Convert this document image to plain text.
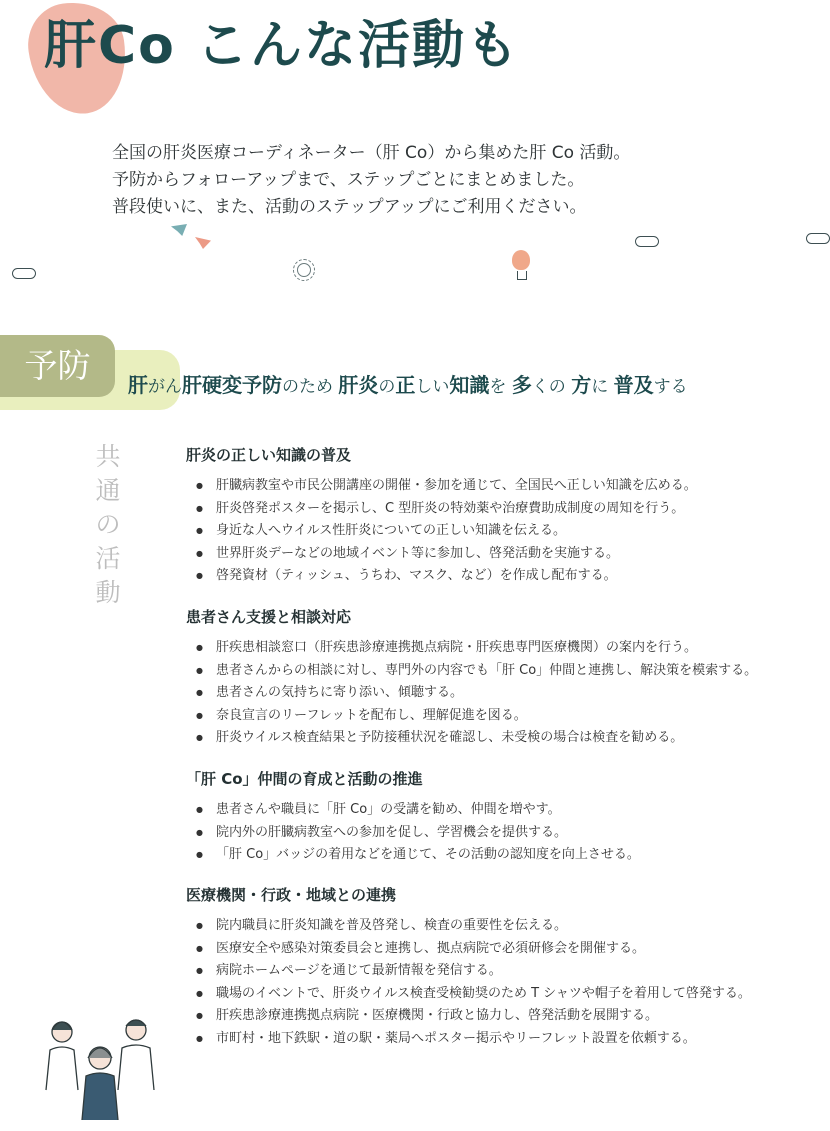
肝Co こんな活動も
全国の肝炎医療コーディネーター（肝 Co）から集めた肝 Co 活動。
予防からフォローアップまで、ステップごとにまとめました。
普段使いに、また、活動のステップアップにご利用ください。
予防	肝がん肝硬変予防のため 肝炎の正しい知識を 多くの 方に 普及する

共
通
の
活
動
肝炎の正しい知識の普及
● 肝臓病教室や市民公開講座の開催・参加を通じて、全国民へ正しい知識を広める。
● 肝炎啓発ポスターを掲示し、C 型肝炎の特効薬や治療費助成制度の周知を行う。
● 身近な人へウイルス性肝炎についての正しい知識を伝える。
● 世界肝炎デーなどの地域イベント等に参加し、啓発活動を実施する。
● 啓発資材（ティッシュ、うちわ、マスク、など）を作成し配布する。
患者さん支援と相談対応
● 肝疾患相談窓口（肝疾患診療連携拠点病院・肝疾患専門医療機関）の案内を行う。
● 患者さんからの相談に対し、専門外の内容でも「肝 Co」仲間と連携し、解決策を模索する。
● 患者さんの気持ちに寄り添い、傾聴する。
● 奈良宣言のリーフレットを配布し、理解促進を図る。
● 肝炎ウイルス検査結果と予防接種状況を確認し、未受検の場合は検査を勧める。
「肝 Co」仲間の育成と活動の推進
● 患者さんや職員に「肝 Co」の受講を勧め、仲間を増やす。
● 院内外の肝臓病教室への参加を促し、学習機会を提供する。
● 「肝 Co」バッジの着用などを通じて、その活動の認知度を向上させる。
医療機関・行政・地域との連携
● 院内職員に肝炎知識を普及啓発し、検査の重要性を伝える。
● 医療安全や感染対策委員会と連携し、拠点病院で必須研修会を開催する。
● 病院ホームページを通じて最新情報を発信する。
● 職場のイベントで、肝炎ウイルス検査受検勧奨のため T シャツや帽子を着用して啓発する。
● 肝疾患診療連携拠点病院・医療機関・行政と協力し、啓発活動を展開する。
● 市町村・地下鉄駅・道の駅・薬局へポスター掲示やリーフレット設置を依頼する。
